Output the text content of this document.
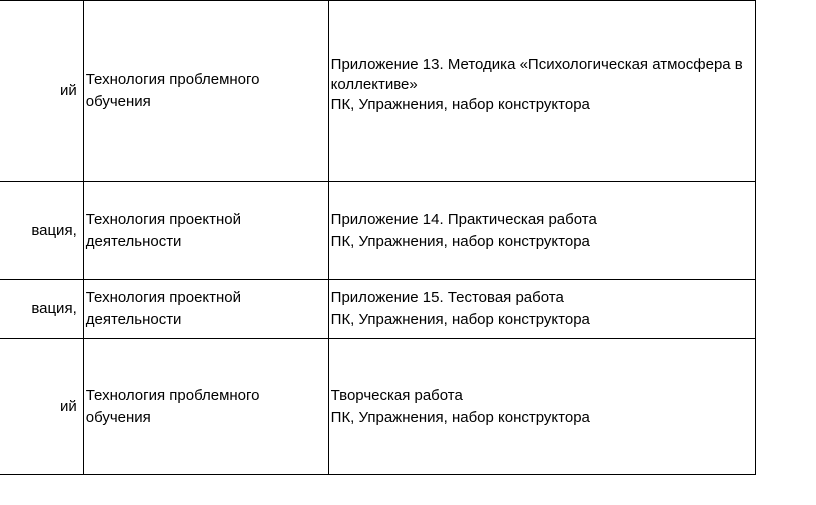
ий	Технология проблемного обучения	Приложение 13. Методика «Психологическая атмосфера в коллективе»
ПК, Упражнения, набор конструктора

вация,	Технология проектной деятельности	Приложение 14. Практическая работа
ПК, Упражнения, набор конструктора

вация,	Технология проектной деятельности	Приложение 15. Тестовая работа
ПК, Упражнения, набор конструктора

ий	Технология проблемного обучения	Творческая работа
ПК, Упражнения, набор конструктора
